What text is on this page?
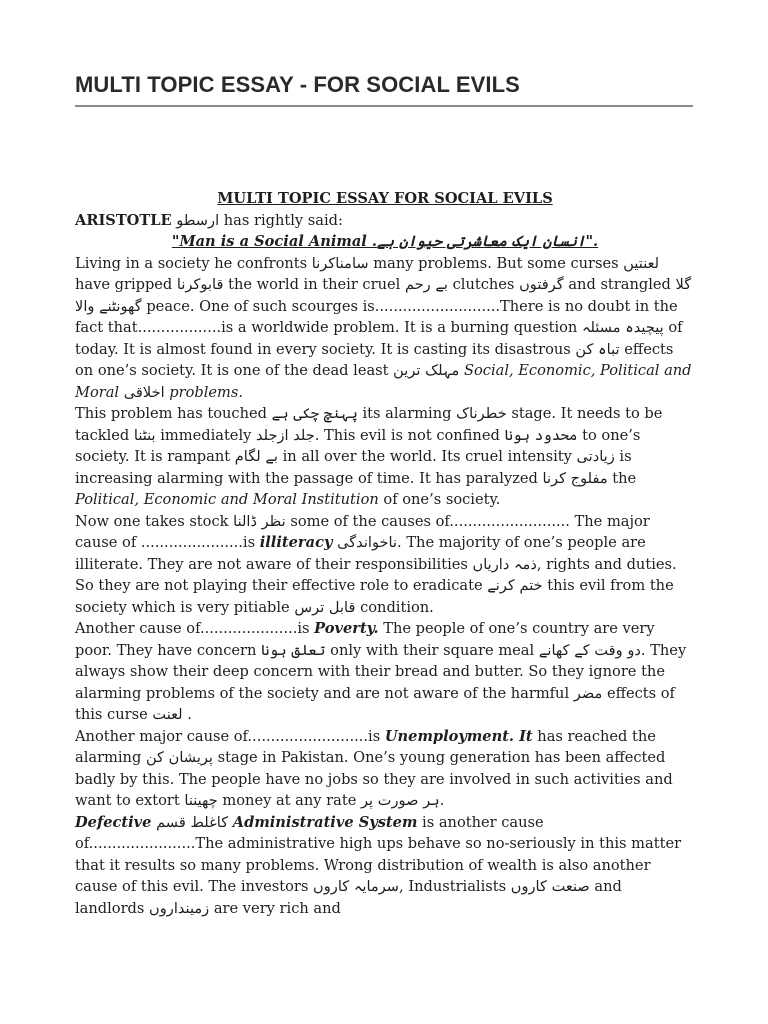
MULTI TOPIC ESSAY - FOR SOCIAL EVILS

MULTI TOPIC ESSAY FOR SOCIAL EVILS

ARISTOTLE ارسطو has rightly said:

"Man is a Social Animal .انسان ایک معاشرتی حیوان ہے".

Living in a society he confronts سامناکرنا many problems. But some curses لعنتیں have gripped قابوکرنا the world in their cruel بے رحم clutches گرفتوں and strangled گلا گھونٹنے والا peace. One of such scourges is...........................There is no doubt in the fact that..................is a worldwide problem. It is a burning question پیچیدہ مسئلہ of today. It is almost found in every society. It is casting its disastrous تباہ کن effects on one’s society. It is one of the dead least مہلک ترین Social, Economic, Political and Moral اخلاقی problems.

This problem has touched پہنچ چکی ہے its alarming خطرناک stage. It needs to be tackled بنٹنا immediately جلد ازجلد. This evil is not confined محدود ہونا to one’s society. It is rampant بے لگام in all over the world. Its cruel intensity زیادتی is increasing alarming with the passage of time. It has paralyzed مفلوج کرنا the Political, Economic and Moral Institution of one’s society.

Now one takes stock نظر ڈالنا some of the causes of.......................... The major cause of ......................is illiteracy ناخواندگی. The majority of one’s people are illiterate. They are not aware of their responsibilities ذمہ داریاں, rights and duties. So they are not playing their effective role to eradicate ختم کرنے this evil from the society which is very pitiable قابل ترس condition.

Another cause of.....................is Poverty. The people of one’s country are very poor. They have concern تعلق ہونا only with their square meal دو وقت کے کھانے. They always show their deep concern with their bread and butter. So they ignore the alarming problems of the society and are not aware of the harmful مضر effects of this curse لعنت .

Another major cause of..........................is Unemployment. It has reached the alarming پریشان کن stage in Pakistan. One’s young generation has been affected badly by this. The people have no jobs so they are involved in such activities and want to extort چھیننا money at any rate ہر صورت پر.

Defective کاغلط قسم Administrative System is another cause of.......................The administrative high ups behave so no-seriously in this matter that it results so many problems. Wrong distribution of wealth is also another cause of this evil. The investors سرمایہ کاروں, Industrialists صنعت کاروں and landlords زمینداروں are very rich and
